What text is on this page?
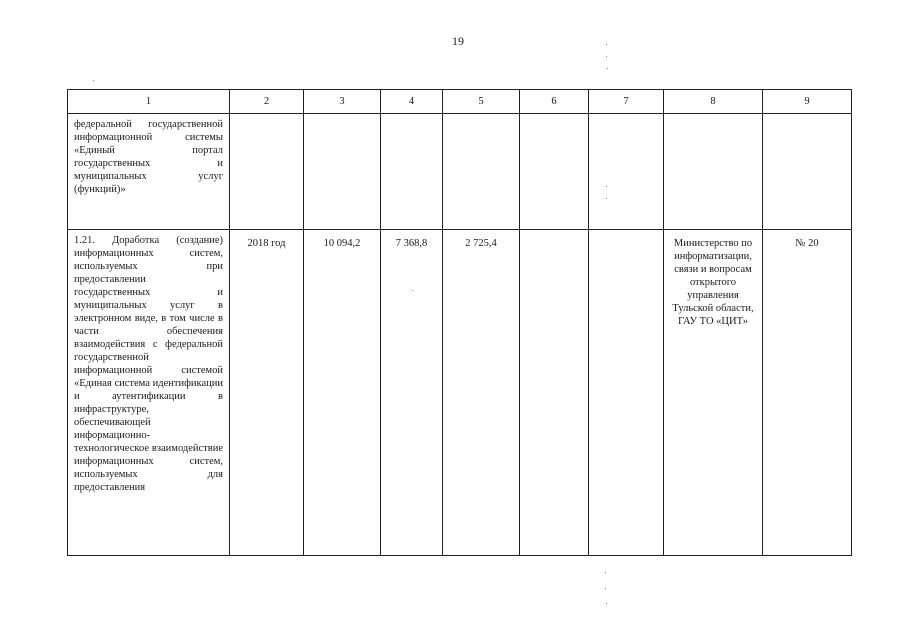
19
1	2	3	4	5	6	7	8	9
федеральной государственной информационной системы «Единый портал государственных и муниципальных услуг (функций)»								
1.21. Доработка (создание) информационных систем, используемых при предоставлении государственных и муниципальных услуг в электронном виде, в том числе в части обеспечения взаимодействия с федеральной государственной информационной системой «Единая система идентификации и аутентификации в инфраструктуре, обеспечивающей информационно-технологическое взаимодействие информационных систем, используемых для предоставления	2018 год	10 094,2	7 368,8	2 725,4			Министерство по информатизации, связи и вопросам открытого управления Тульской области, ГАУ ТО «ЦИТ»	№ 20
